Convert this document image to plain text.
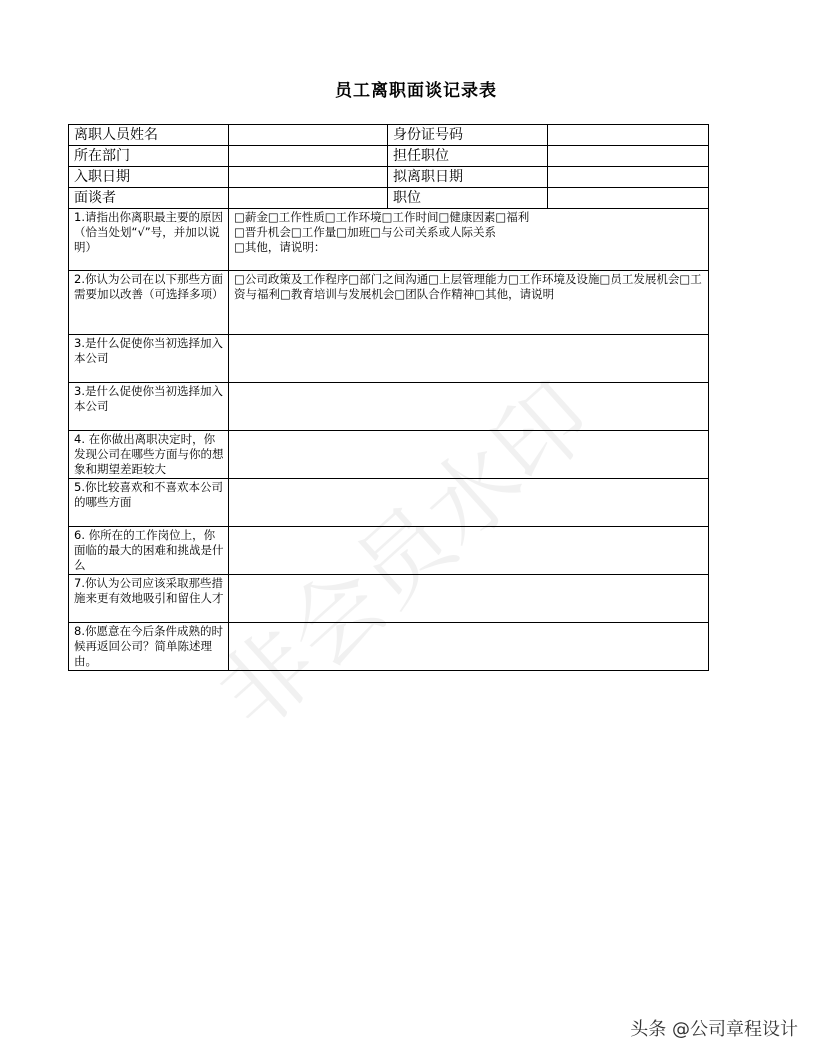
员工离职面谈记录表
离职人员姓名		身份证号码	
所在部门		担任职位	
入职日期		拟离职日期	
面谈者		职位	
1.请指出你离职最主要的原因（恰当处划“√”号，并加以说明）	□薪金□工作性质□工作环境□工作时间□健康因素□福利
□晋升机会□工作量□加班□与公司关系或人际关系
□其他，请说明：		

2.你认为公司在以下那些方面需要加以改善（可选择多项）	□公司政策及工作程序□部门之间沟通□上层管理能力□工作环境及设施□员工发展机会□工资与福利□教育培训与发展机会□团队合作精神□其他，请说明		

3.是什么促使你当初选择加入本公司			
3.是什么促使你当初选择加入本公司			
4. 在你做出离职决定时，你发现公司在哪些方面与你的想象和期望差距较大			
5.你比较喜欢和不喜欢本公司的哪些方面			
6. 你所在的工作岗位上，你面临的最大的困难和挑战是什么			
7.你认为公司应该采取那些措施来更有效地吸引和留住人才			
8.你愿意在今后条件成熟的时候再返回公司？简单陈述理由。			非会员水印
头条 @公司章程设计
